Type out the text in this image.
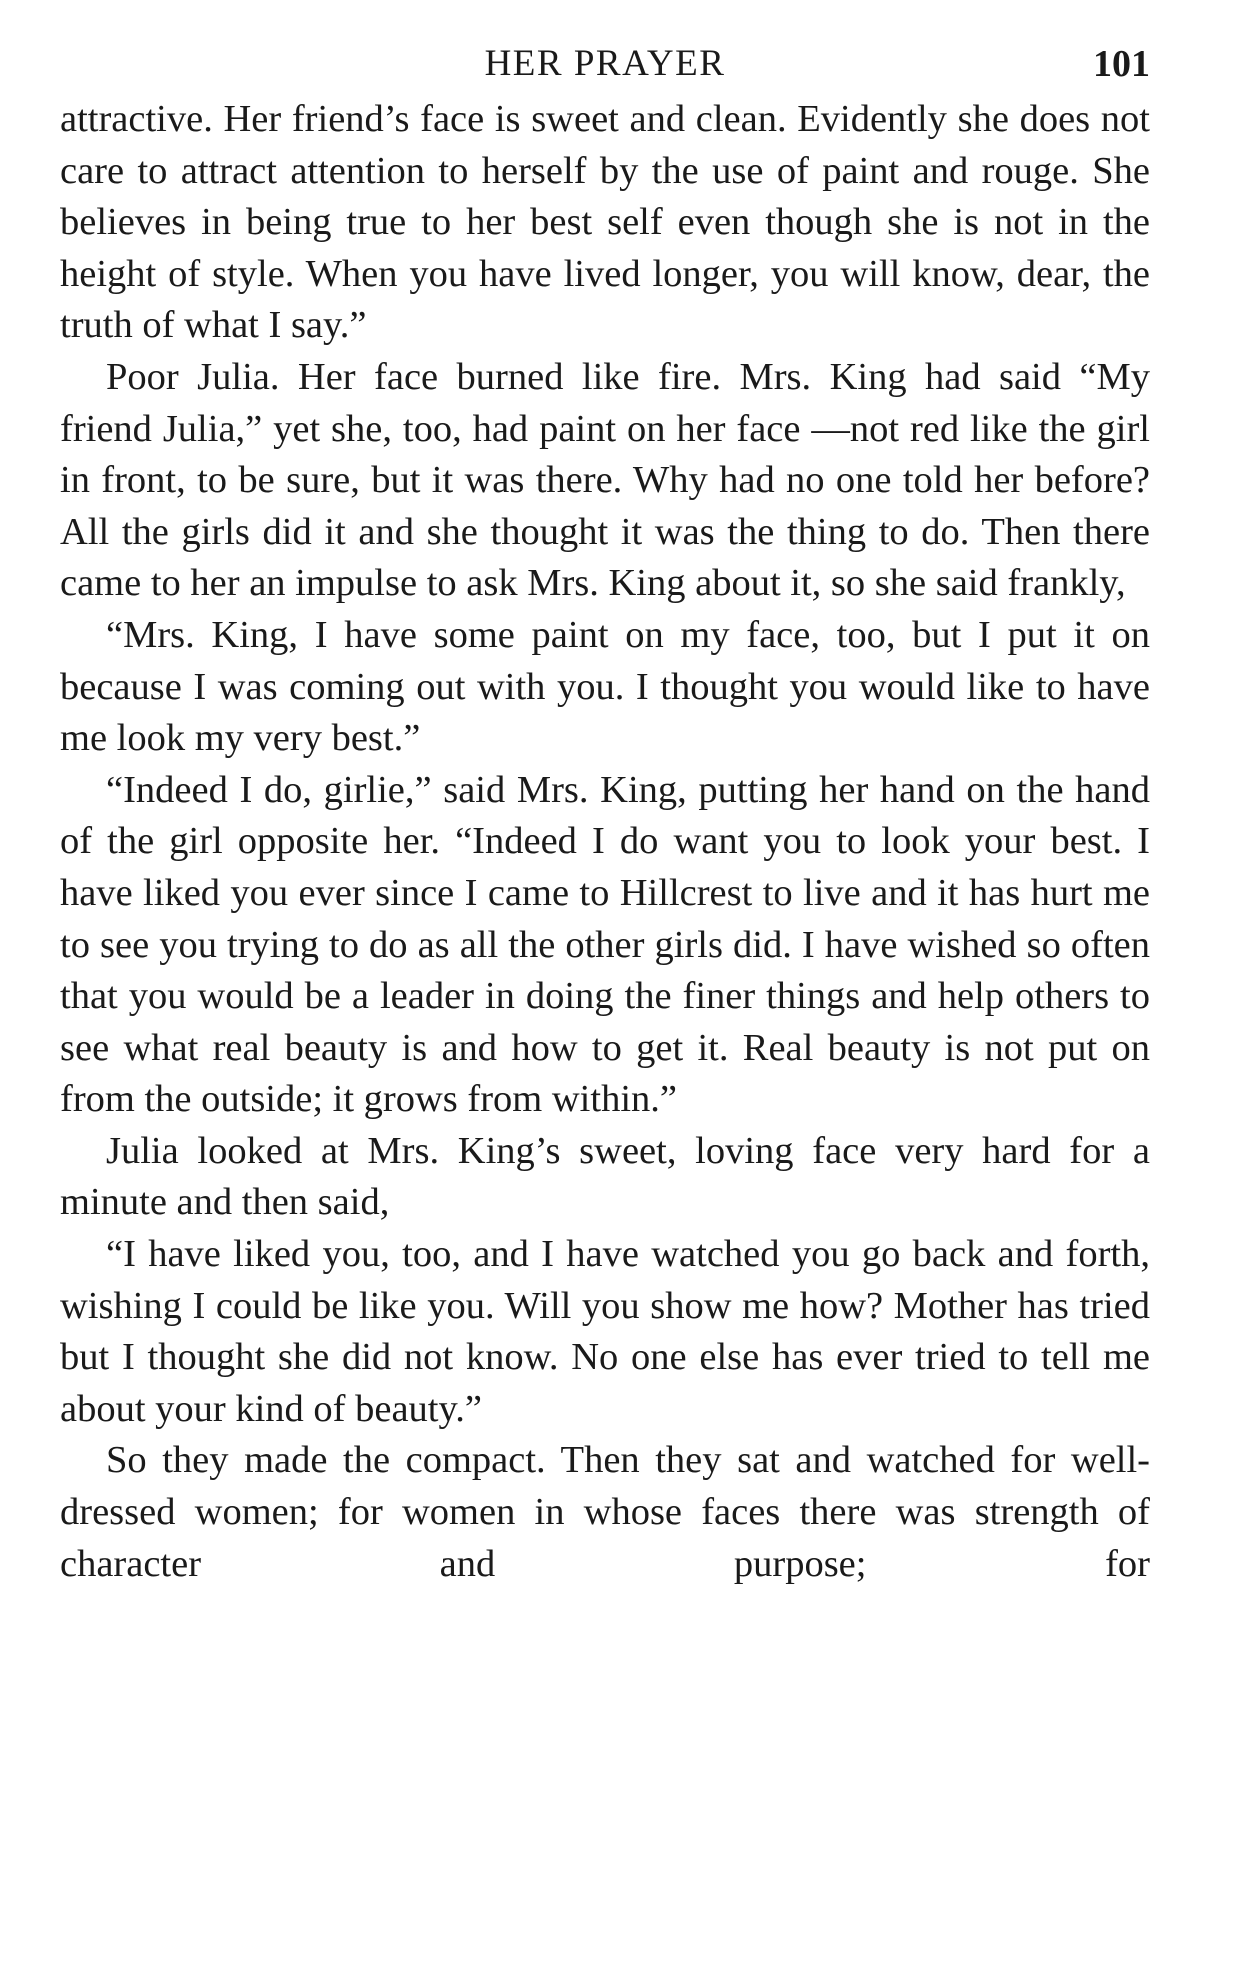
HER PRAYER	101

attractive. Her friend’s face is sweet and clean. Evidently she does not care to attract attention to herself by the use of paint and rouge. She believes in being true to her best self even though she is not in the height of style. When you have lived longer, you will know, dear, the truth of what I say.”

Poor Julia. Her face burned like fire. Mrs. King had said “My friend Julia,” yet she, too, had paint on her face —not red like the girl in front, to be sure, but it was there. Why had no one told her before? All the girls did it and she thought it was the thing to do. Then there came to her an impulse to ask Mrs. King about it, so she said frankly,

“Mrs. King, I have some paint on my face, too, but I put it on because I was coming out with you. I thought you would like to have me look my very best.”

“Indeed I do, girlie,” said Mrs. King, putting her hand on the hand of the girl opposite her. “Indeed I do want you to look your best. I have liked you ever since I came to Hillcrest to live and it has hurt me to see you trying to do as all the other girls did. I have wished so often that you would be a leader in doing the finer things and help others to see what real beauty is and how to get it. Real beauty is not put on from the outside; it grows from within.”

Julia looked at Mrs. King’s sweet, loving face very hard for a minute and then said,

“I have liked you, too, and I have watched you go back and forth, wishing I could be like you. Will you show me how? Mother has tried but I thought she did not know. No one else has ever tried to tell me about your kind of beauty.”

So they made the compact. Then they sat and watched for well-dressed women; for women in whose faces there was strength of character and purpose; for
